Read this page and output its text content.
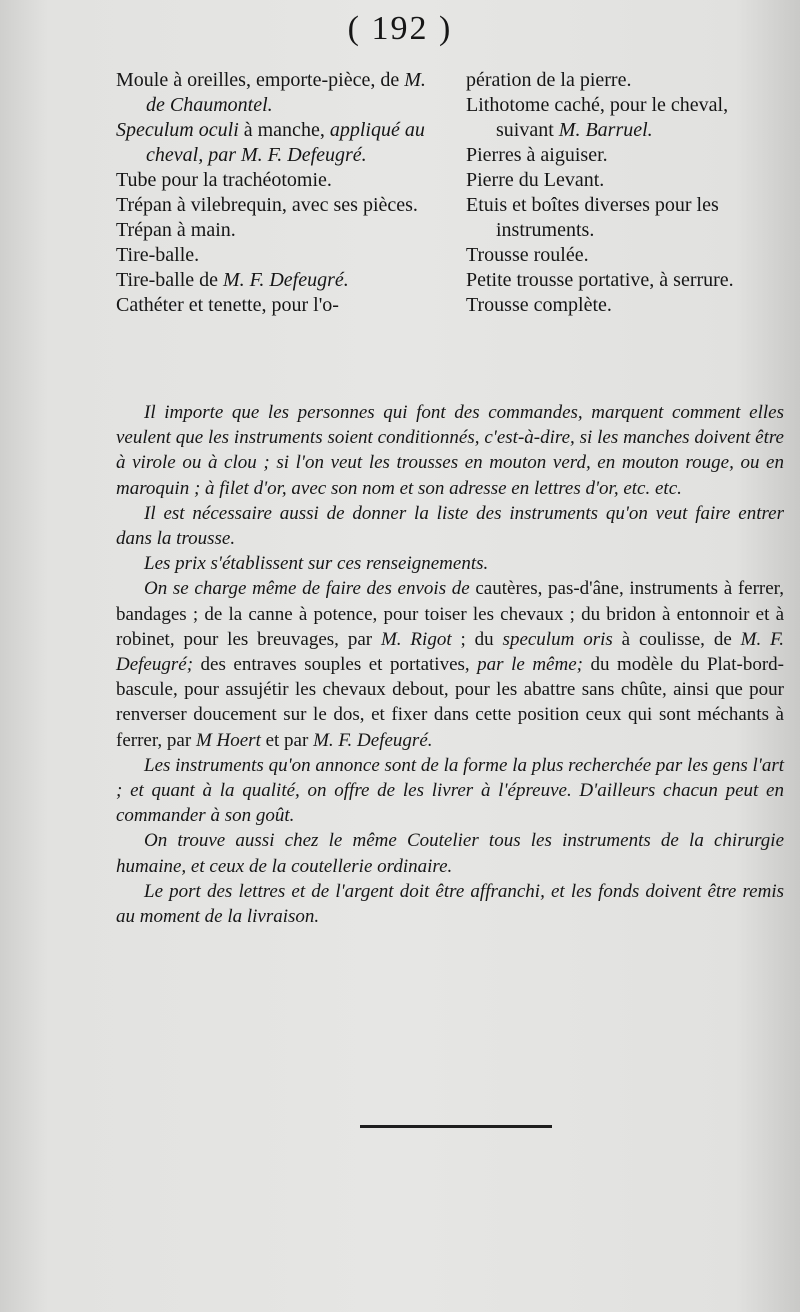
( 192 )
Moule à oreilles, emporte-pièce, de M. de Chaumontel.
Speculum oculi à manche, appliqué au cheval, par M. F. Defeugré.
Tube pour la trachéotomie.
Trépan à vilebrequin, avec ses pièces.
Trépan à main.
Tire-balle.
Tire-balle de M. F. Defeugré.
Cathéter et tenette, pour l'o-
pération de la pierre.
Lithotome caché, pour le cheval, suivant M. Barruel.
Pierres à aiguiser.
Pierre du Levant.
Etuis et boîtes diverses pour les instruments.
Trousse roulée.
Petite trousse portative, à serrure.
Trousse complète.
Il importe que les personnes qui font des commandes, marquent comment elles veulent que les instruments soient conditionnés, c'est-à-dire, si les manches doivent être à virole ou à clou ; si l'on veut les trousses en mouton verd, en mouton rouge, ou en maroquin ; à filet d'or, avec son nom et son adresse en lettres d'or, etc. etc.
Il est nécessaire aussi de donner la liste des instruments qu'on veut faire entrer dans la trousse.
Les prix s'établissent sur ces renseignements.
On se charge même de faire des envois de cautères, pas-d'âne, instruments à ferrer, bandages ; de la canne à potence, pour toiser les chevaux ; du bridon à entonnoir et à robinet, pour les breuvages, par M. Rigot ; du speculum oris à coulisse, de M. F. Defeugré; des entraves souples et portatives, par le même; du modèle du Plat-bord-bascule, pour assujétir les chevaux debout, pour les abattre sans chûte, ainsi que pour renverser doucement sur le dos, et fixer dans cette position ceux qui sont méchants à ferrer, par M Hoert et par M. F. Defeugré.
Les instruments qu'on annonce sont de la forme la plus recherchée par les gens l'art ; et quant à la qualité, on offre de les livrer à l'épreuve. D'ailleurs chacun peut en commander à son goût.
On trouve aussi chez le même Coutelier tous les instruments de la chirurgie humaine, et ceux de la coutellerie ordinaire.
Le port des lettres et de l'argent doit être affranchi, et les fonds doivent être remis au moment de la livraison.
